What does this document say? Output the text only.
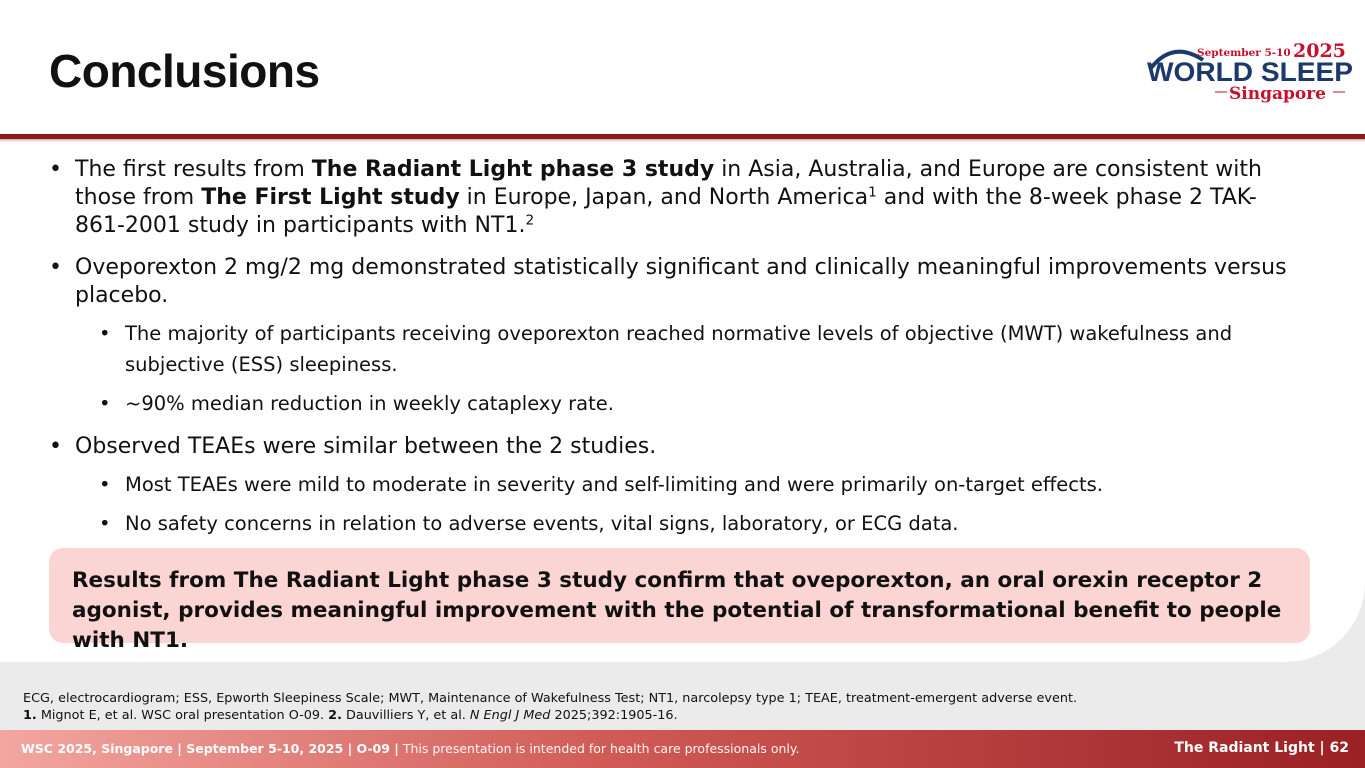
Conclusions	September 5-10 2025
WORLD SLEEP
Singapore
• The first results from The Radiant Light phase 3 study in Asia, Australia, and Europe are consistent with those from The First Light study in Europe, Japan, and North America$^1$ and with the 8-week phase 2 TAK-861-2001 study in participants with NT1.$^2$
• Oveporexton 2 mg/2 mg demonstrated statistically significant and clinically meaningful improvements versus placebo.
• The majority of participants receiving oveporexton reached normative levels of objective (MWT) wakefulness and subjective (ESS) sleepiness.
• ~90% median reduction in weekly cataplexy rate.
• Observed TEAEs were similar between the 2 studies.
• Most TEAEs were mild to moderate in severity and self-limiting and were primarily on-target effects.
• No safety concerns in relation to adverse events, vital signs, laboratory, or ECG data.
Results from The Radiant Light phase 3 study confirm that oveporexton, an oral orexin receptor 2 agonist, provides meaningful improvement with the potential of transformational benefit to people with NT1.
ECG, electrocardiogram; ESS, Epworth Sleepiness Scale; MWT, Maintenance of Wakefulness Test; NT1, narcolepsy type 1; TEAE, treatment-emergent adverse event.
1. Mignot E, et al. WSC oral presentation O-09. 2. Dauvilliers Y, et al. N Engl J Med 2025;392:1905-16.
WSC 2025, Singapore | September 5-10, 2025 | O-09 | This presentation is intended for health care professionals only.	The Radiant Light | 62
